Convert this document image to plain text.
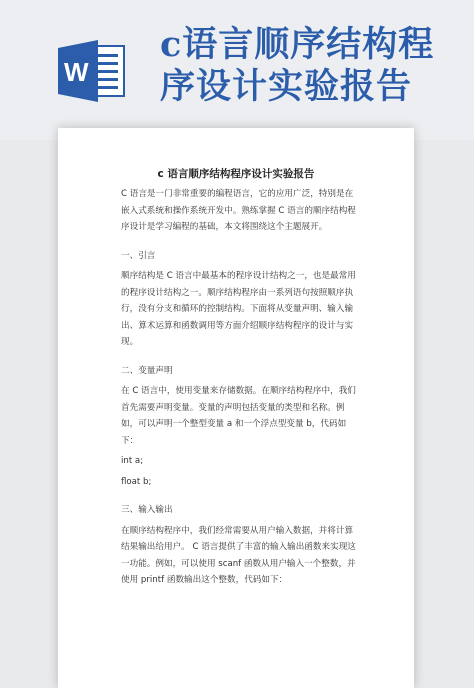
W
c语言顺序结构程序设计实验报告
c 语言顺序结构程序设计实验报告

C 语言是一门非常重要的编程语言，它的应用广泛，特别是在嵌入式系统和操作系统开发中。熟练掌握 C 语言的顺序结构程序设计是学习编程的基础，本文将围绕这个主题展开。

一、引言

顺序结构是 C 语言中最基本的程序设计结构之一，也是最常用的程序设计结构之一。顺序结构程序由一系列语句按照顺序执行，没有分支和循环的控制结构。下面将从变量声明、输入输出、算术运算和函数调用等方面介绍顺序结构程序的设计与实现。

二、变量声明

在 C 语言中，使用变量来存储数据。在顺序结构程序中，我们首先需要声明变量。变量的声明包括变量的类型和名称。例如，可以声明一个整型变量 a 和一个浮点型变量 b，代码如下：

int a;

float b;

三、输入输出

在顺序结构程序中，我们经常需要从用户输入数据，并将计算结果输出给用户。 C 语言提供了丰富的输入输出函数来实现这一功能。例如，可以使用 scanf 函数从用户输入一个整数，并使用 printf 函数输出这个整数，代码如下：
